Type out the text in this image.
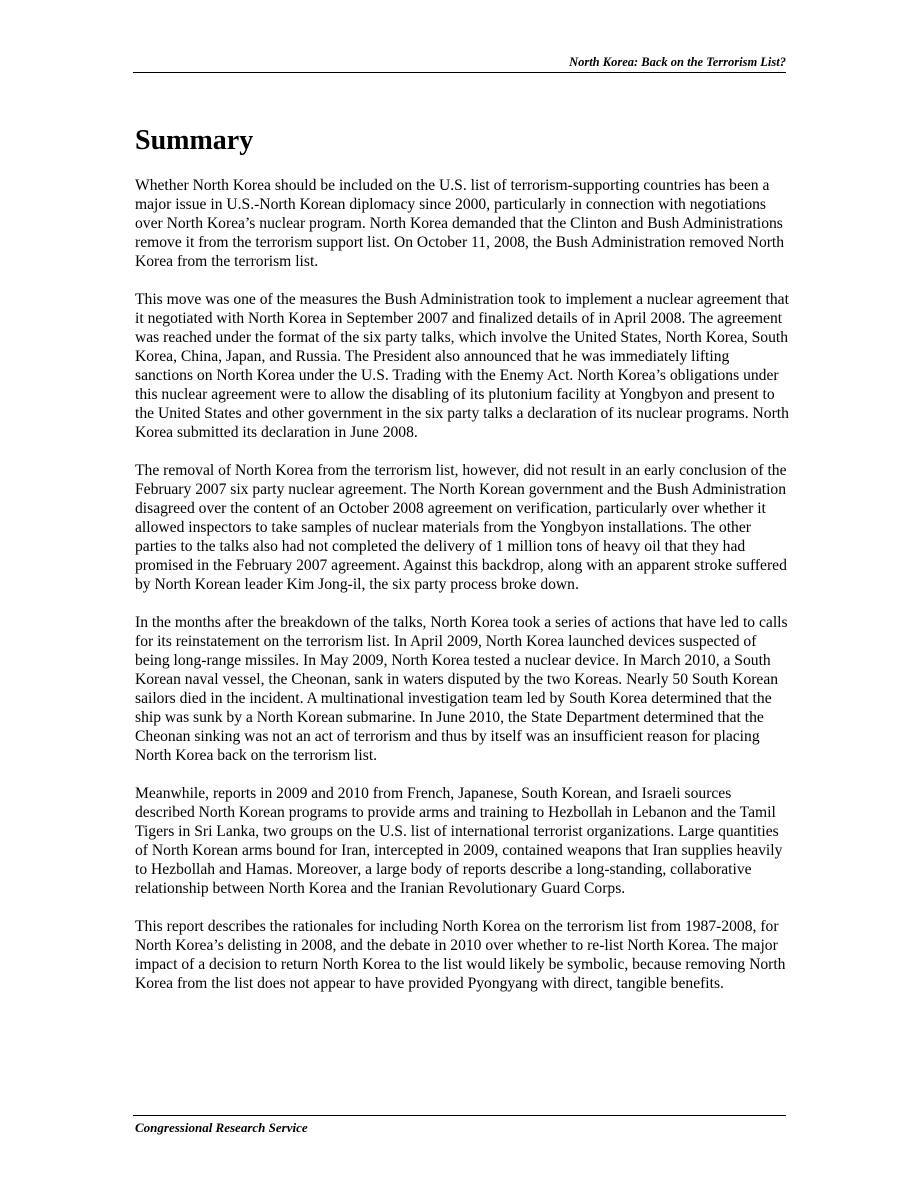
North Korea: Back on the Terrorism List?
Summary

Whether North Korea should be included on the U.S. list of terrorism-supporting countries has been a major issue in U.S.-North Korean diplomacy since 2000, particularly in connection with negotiations over North Korea’s nuclear program. North Korea demanded that the Clinton and Bush Administrations remove it from the terrorism support list. On October 11, 2008, the Bush Administration removed North Korea from the terrorism list.

This move was one of the measures the Bush Administration took to implement a nuclear agreement that it negotiated with North Korea in September 2007 and finalized details of in April 2008. The agreement was reached under the format of the six party talks, which involve the United States, North Korea, South Korea, China, Japan, and Russia. The President also announced that he was immediately lifting sanctions on North Korea under the U.S. Trading with the Enemy Act. North Korea’s obligations under this nuclear agreement were to allow the disabling of its plutonium facility at Yongbyon and present to the United States and other government in the six party talks a declaration of its nuclear programs. North Korea submitted its declaration in June 2008.

The removal of North Korea from the terrorism list, however, did not result in an early conclusion of the February 2007 six party nuclear agreement. The North Korean government and the Bush Administration disagreed over the content of an October 2008 agreement on verification, particularly over whether it allowed inspectors to take samples of nuclear materials from the Yongbyon installations. The other parties to the talks also had not completed the delivery of 1 million tons of heavy oil that they had promised in the February 2007 agreement. Against this backdrop, along with an apparent stroke suffered by North Korean leader Kim Jong-il, the six party process broke down.

In the months after the breakdown of the talks, North Korea took a series of actions that have led to calls for its reinstatement on the terrorism list. In April 2009, North Korea launched devices suspected of being long-range missiles. In May 2009, North Korea tested a nuclear device. In March 2010, a South Korean naval vessel, the Cheonan, sank in waters disputed by the two Koreas. Nearly 50 South Korean sailors died in the incident. A multinational investigation team led by South Korea determined that the ship was sunk by a North Korean submarine. In June 2010, the State Department determined that the Cheonan sinking was not an act of terrorism and thus by itself was an insufficient reason for placing North Korea back on the terrorism list.

Meanwhile, reports in 2009 and 2010 from French, Japanese, South Korean, and Israeli sources described North Korean programs to provide arms and training to Hezbollah in Lebanon and the Tamil Tigers in Sri Lanka, two groups on the U.S. list of international terrorist organizations. Large quantities of North Korean arms bound for Iran, intercepted in 2009, contained weapons that Iran supplies heavily to Hezbollah and Hamas. Moreover, a large body of reports describe a long-standing, collaborative relationship between North Korea and the Iranian Revolutionary Guard Corps.

This report describes the rationales for including North Korea on the terrorism list from 1987-2008, for North Korea’s delisting in 2008, and the debate in 2010 over whether to re-list North Korea. The major impact of a decision to return North Korea to the list would likely be symbolic, because removing North Korea from the list does not appear to have provided Pyongyang with direct, tangible benefits.

Congressional Research Service
